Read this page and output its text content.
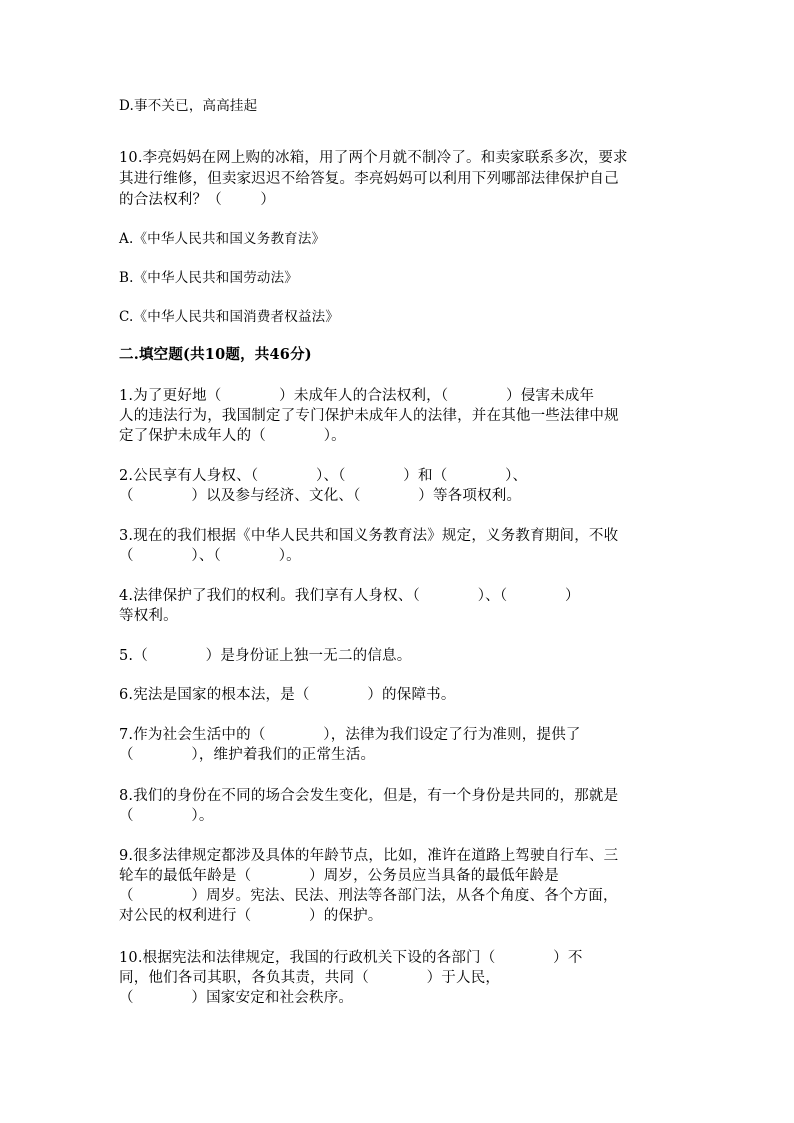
D.事不关已，高高挂起
10.李亮妈妈在网上购的冰箱，用了两个月就不制冷了。和卖家联系多次，要求
其进行维修，但卖家迟迟不给答复。李亮妈妈可以利用下列哪部法律保护自己
的合法权利？（        ）
A.《中华人民共和国义务教育法》
B.《中华人民共和国劳动法》
C.《中华人民共和国消费者权益法》
二.填空题(共10题，共46分)
1.为了更好地（            ）未成年人的合法权利，（            ）侵害未成年
人的违法行为，我国制定了专门保护未成年人的法律，并在其他一些法律中规
定了保护未成年人的（            ）。
2.公民享有人身权、（            ）、（            ）和（            ）、
（            ）以及参与经济、文化、（            ）等各项权利。
3.现在的我们根据《中华人民共和国义务教育法》规定，义务教育期间，不收
（            ）、（            ）。
4.法律保护了我们的权利。我们享有人身权、（            ）、（            ）
等权利。
5.（            ）是身份证上独一无二的信息。
6.宪法是国家的根本法，是（            ）的保障书。
7.作为社会生活中的（            ），法律为我们设定了行为准则，提供了
（            ），维护着我们的正常生活。
8.我们的身份在不同的场合会发生变化，但是，有一个身份是共同的，那就是
（            ）。
9.很多法律规定都涉及具体的年龄节点，比如，准许在道路上驾驶自行车、三
轮车的最低年龄是（            ）周岁，公务员应当具备的最低年龄是
（            ）周岁。宪法、民法、刑法等各部门法，从各个角度、各个方面，
对公民的权利进行（            ）的保护。
10.根据宪法和法律规定，我国的行政机关下设的各部门（            ）不
同，他们各司其职，各负其责，共同（            ）于人民，
（            ）国家安定和社会秩序。
